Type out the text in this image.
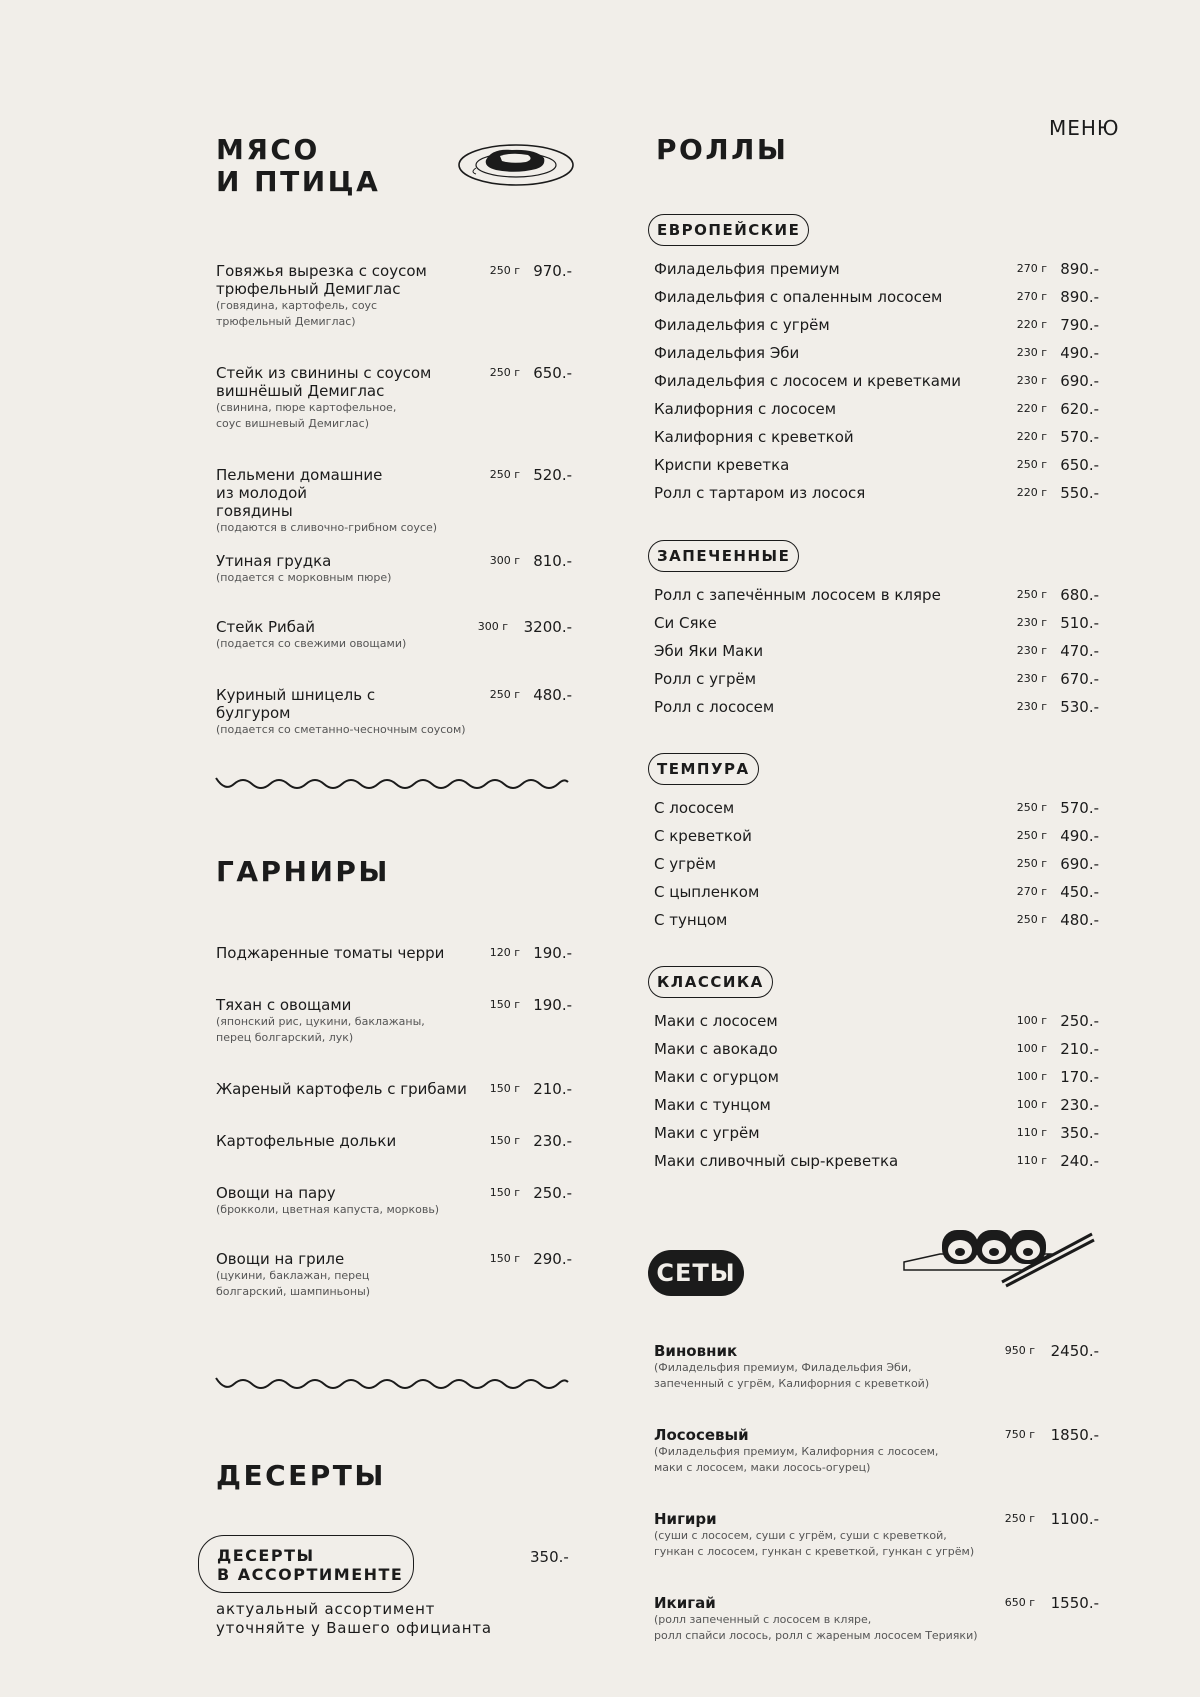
МЕНЮ
МЯСО
И ПТИЦА
Говяжья вырезка с соусом трюфельный Демиглас
(говядина, картофель, соус трюфельный Демиглас)
250 г 970.-
Стейк из свинины с соусом вишнёшый Демиглас
(свинина, пюре картофельное, соус вишневый Демиглас)
250 г 650.-
Пельмени домашние из молодой говядины
(подаются в сливочно-грибном соусе)
250 г 520.-
Утиная грудка
(подается с морковным пюре)
300 г 810.-
Стейк Рибай
(подается со свежими овощами)
300 г 3200.-
Куриный шницель с булгуром
(подается со сметанно-чесночным соусом)
250 г 480.-
ГАРНИРЫ
Поджаренные томаты черри	120 г 190.-
Тяхан с овощами
(японский рис, цукини, баклажаны, перец болгарский, лук)
150 г 190.-
Жареный картофель с грибами	150 г 210.-
Картофельные дольки	150 г 230.-
Овощи на пару
(брокколи, цветная капуста, морковь)
150 г 250.-
Овощи на гриле
(цукини, баклажан, перец болгарский, шампиньоны)
150 г 290.-
ДЕСЕРТЫ
ДЕСЕРТЫ
В АССОРТИМЕНТЕ
350.-
актуальный ассортимент
уточняйте у Вашего официанта
РОЛЛЫ
ЕВРОПЕЙСКИЕ
Филадельфия премиум	270 г 890.-
Филадельфия с опаленным лососем	270 г 890.-
Филадельфия с угрём	220 г 790.-
Филадельфия Эби	230 г 490.-
Филадельфия с лососем и креветками	230 г 690.-
Калифорния с лососем	220 г 620.-
Калифорния с креветкой	220 г 570.-
Криспи креветка	250 г 650.-
Ролл с тартаром из лосося	220 г 550.-
ЗАПЕЧЕННЫЕ
Ролл с запечённым лососем в кляре	250 г 680.-
Си Сяке	230 г 510.-
Эби Яки Маки	230 г 470.-
Ролл с угрём	230 г 670.-
Ролл с лососем	230 г 530.-
ТЕМПУРА
С лососем	250 г 570.-
С креветкой	250 г 490.-
С угрём	250 г 690.-
С цыпленком	270 г 450.-
С тунцом	250 г 480.-
КЛАССИКА
Маки с лососем	100 г 250.-
Маки с авокадо	100 г 210.-
Маки с огурцом	100 г 170.-
Маки с тунцом	100 г 230.-
Маки с угрём	110 г 350.-
Маки сливочный сыр-креветка	110 г 240.-
СЕТЫ
Виновник
(Филадельфия премиум, Филадельфия Эби,
запеченный с угрём, Калифорния с креветкой)
950 г 2450.-
Лососевый
(Филадельфия премиум, Калифорния с лососем,
маки с лососем, маки лосось-огурец)
750 г 1850.-
Нигири
(суши с лососем, суши с угрём, суши с креветкой,
гункан с лососем, гункан с креветкой, гункан с угрём)
250 г 1100.-
Икигай
(ролл запеченный с лососем в кляре,
ролл спайси лосось, ролл с жареным лососем Терияки)
650 г 1550.-
